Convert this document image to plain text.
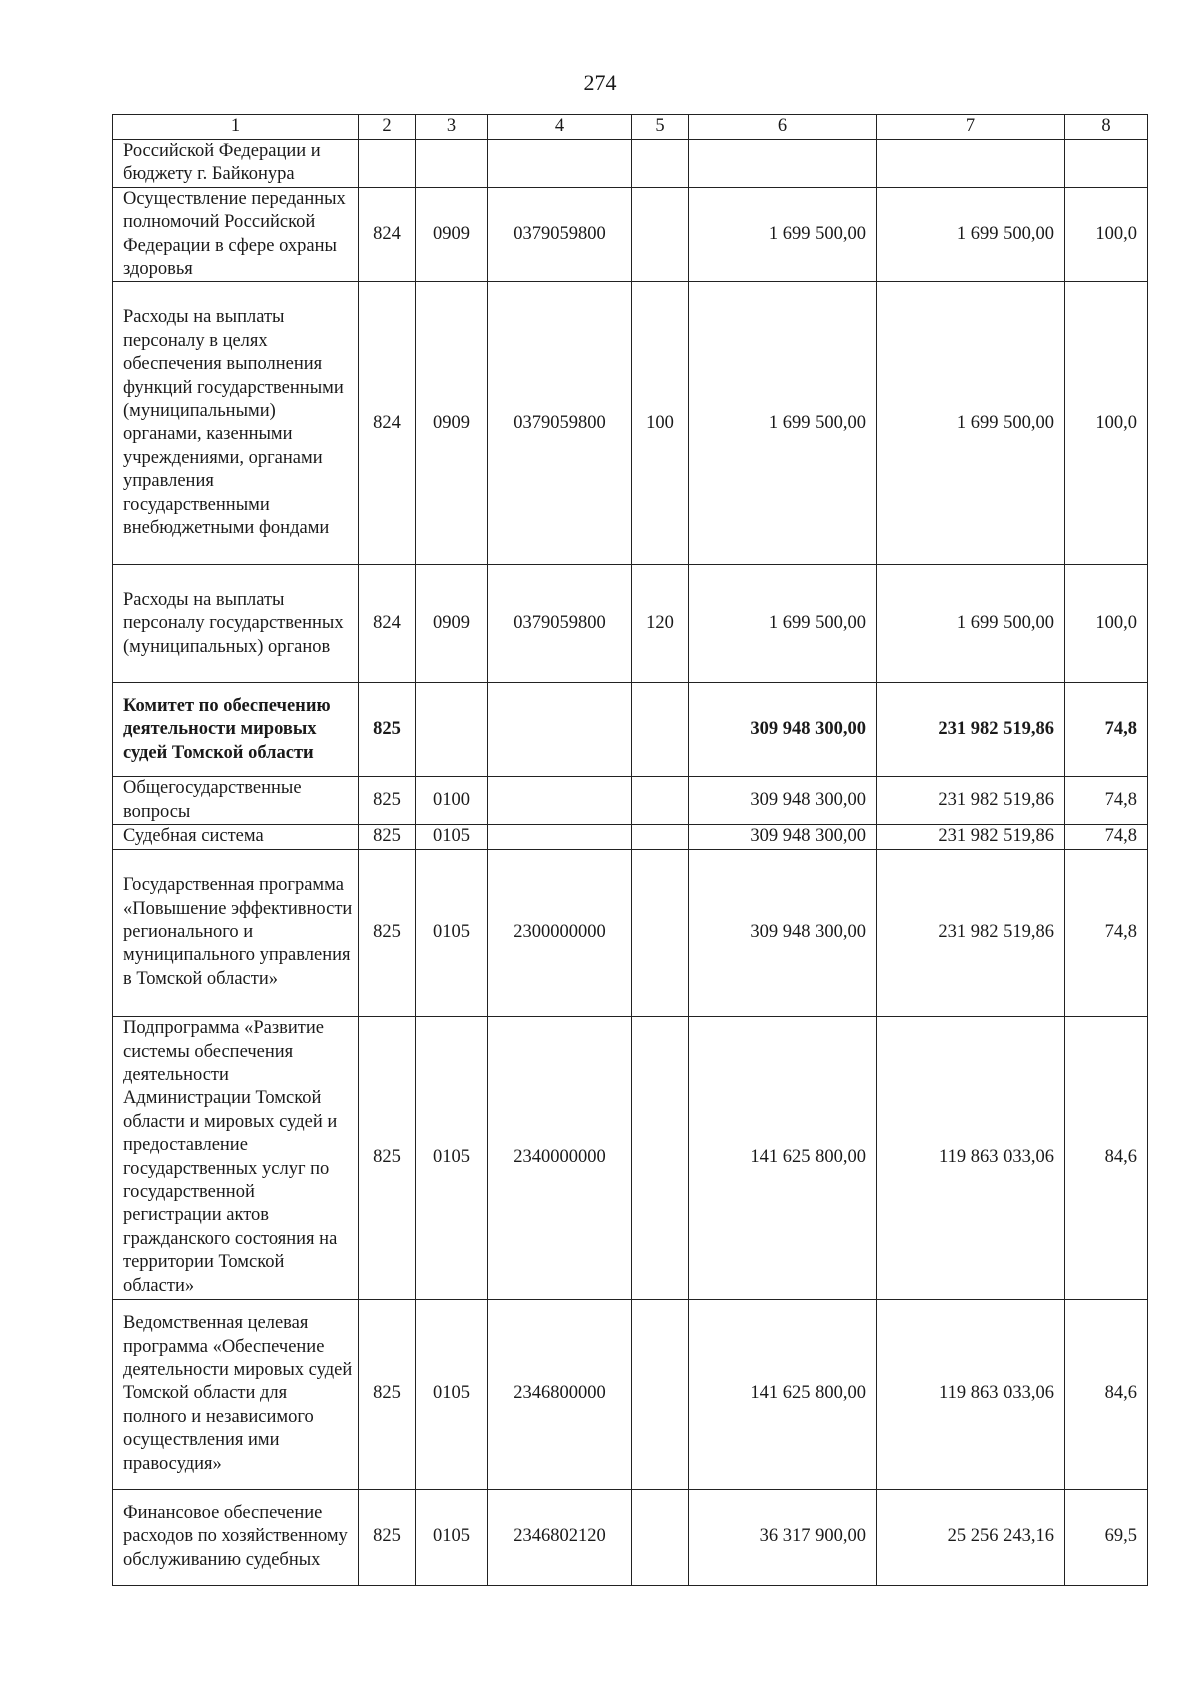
274
1	2	3	4	5	6	7	8
Российской Федерации и бюджету г. Байконура							
Осуществление переданных полномочий Российской Федерации в сфере охраны здоровья	824	0909	0379059800		1 699 500,00	1 699 500,00	100,0
Расходы на выплаты персоналу в целях обеспечения выполнения функций государственными (муниципальными) органами, казенными учреждениями, органами управления государственными внебюджетными фондами	824	0909	0379059800	100	1 699 500,00	1 699 500,00	100,0
Расходы на выплаты персоналу государственных (муниципальных) органов	824	0909	0379059800	120	1 699 500,00	1 699 500,00	100,0
Комитет по обеспечению деятельности мировых судей Томской области	825				309 948 300,00	231 982 519,86	74,8
Общегосударственные вопросы	825	0100			309 948 300,00	231 982 519,86	74,8
Судебная система	825	0105			309 948 300,00	231 982 519,86	74,8
Государственная программа «Повышение эффективности регионального и муниципального управления в Томской области»	825	0105	2300000000		309 948 300,00	231 982 519,86	74,8
Подпрограмма «Развитие системы обеспечения деятельности Администрации Томской области и мировых судей и предоставление государственных услуг по государственной регистрации актов гражданского состояния на территории Томской области»	825	0105	2340000000		141 625 800,00	119 863 033,06	84,6
Ведомственная целевая программа «Обеспечение деятельности мировых судей Томской области для полного и независимого осуществления ими правосудия»	825	0105	2346800000		141 625 800,00	119 863 033,06	84,6
Финансовое обеспечение расходов по хозяйственному обслуживанию судебных	825	0105	2346802120		36 317 900,00	25 256 243,16	69,5
